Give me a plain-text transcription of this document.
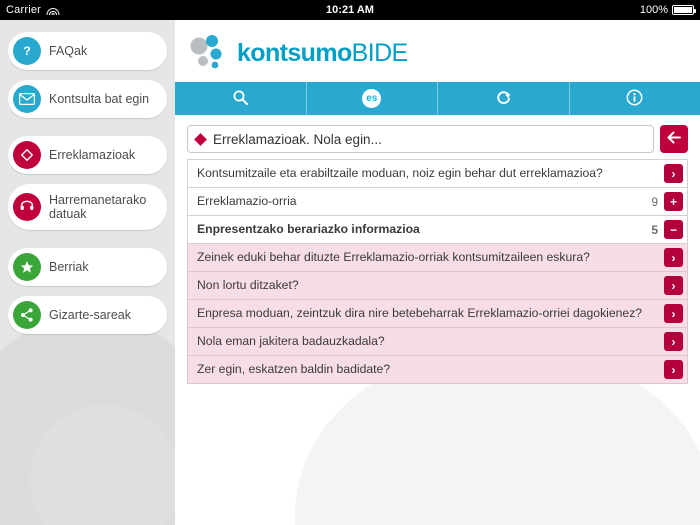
Carrier	10:21 AM	100%
? FAQak
Kontsulta bat egin
Erreklamazioak
Harremanetarako datuak
Berriak
Gizarte-sareak
kontsumoBIDE
es
Erreklamazioak. Nola egin...
Kontsumitzaile eta erabiltzaile moduan, noiz egin behar dut erreklamazioa?	›
Erreklamazio-orria	9 +
Enpresentzako berariazko informazioa	5 −
Zeinek eduki behar dituzte Erreklamazio-orriak kontsumitzaileen eskura?	›
Non lortu ditzaket?	›
Enpresa moduan, zeintzuk dira nire betebeharrak Erreklamazio-orriei dagokienez?	›
Nola eman jakitera badauzkadala?	›
Zer egin, eskatzen baldin badidate?	›
